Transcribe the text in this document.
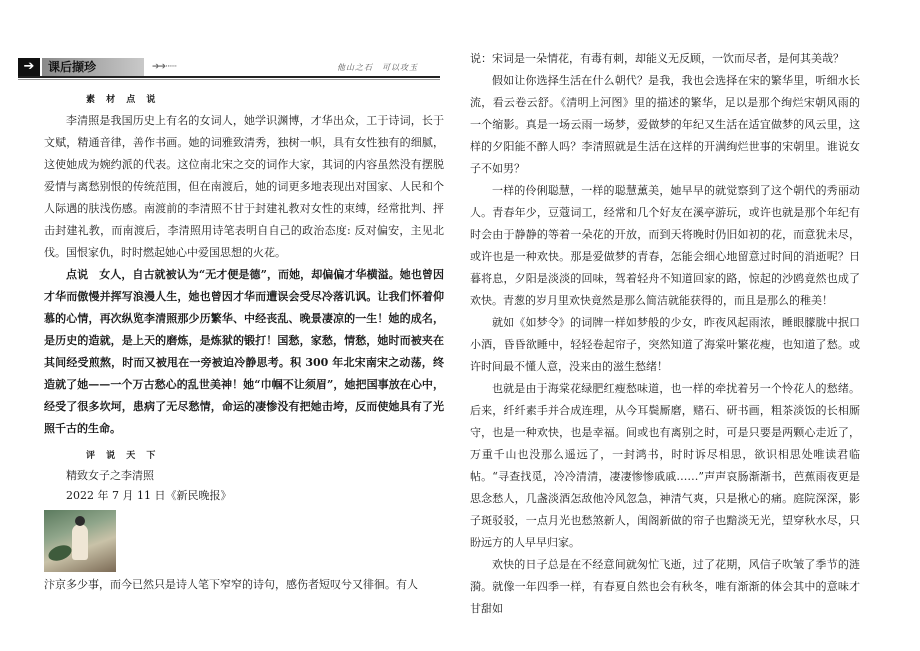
➔	课后撷珍	➔➔······	他山之石　可以攻玉
素 材 点 说

李清照是我国历史上有名的女词人，她学识渊博，才华出众，工于诗词，长于文赋，精通音律，善作书画。她的词雅致清秀，独树一帜，具有女性独有的细腻，这使她成为婉约派的代表。这位南北宋之交的词作大家，其词的内容虽然没有摆脱爱情与离愁别恨的传统范围，但在南渡后，她的词更多地表现出对国家、人民和个人际遇的肤浅伤感。南渡前的李清照不甘于封建礼教对女性的束缚，经常批判、抨击封建礼教，而南渡后，李清照用诗笔表明自自己的政治态度: 反对偏安，主见北伐。国恨家仇，时时燃起她心中爱国思想的火花。

点说　女人，自古就被认为“无才便是德”，而她，却偏偏才华横溢。她也曾因才华而傲慢并挥写浪漫人生，她也曾因才华而遭误会受尽冷落讥讽。让我们怀着仰慕的心情，再次纵览李清照那少历繁华、中经丧乱、晚景凄凉的一生！她的成名，是历史的造就，是上天的磨炼，是炼狱的锻打！国愁，家愁，情愁，她时而被夹在其间经受煎熬，时而又被甩在一旁被迫冷静思考。积 300 年北宋南宋之动荡，终造就了她——一个万古愁心的乱世美神！她“巾帼不让须眉”，她把国事放在心中，经受了很多坎坷，患病了无尽愁情，命运的凄惨没有把她击垮，反而使她具有了光照千古的生命。

评 说 天 下

精致女子之李清照

2022 年 7 月 11 日《新民晚报》

汴京多少事，而今已然只是诗人笔下窄窄的诗句，感伤者短叹兮又徘徊。有人

说：宋词是一朵情花，有毒有刺，却能义无反顾，一饮而尽者，是何其美哉？

假如让你选择生活在什么朝代？是我，我也会选择在宋的繁华里，听细水长流，看云卷云舒。《清明上河图》里的描述的繁华，足以是那个绚烂宋朝风雨的一个缩影。真是一场云雨一场梦，爱做梦的年纪又生活在适宜做梦的风云里，这样的夕阳能不醉人吗？李清照就是生活在这样的开满绚烂世事的宋朝里。谁说女子不如男？

一样的伶俐聪慧，一样的聪慧薰美，她早早的就觉察到了这个朝代的秀丽动人。青春年少，豆蔻词工，经常和几个好友在溪亭游玩，或许也就是那个年纪有时会由于静静的等着一朵花的开放，而到天将晚时仍旧如初的花，而意犹未尽，或许也是一种欢快。那是爱做梦的青春，怎能会细心地留意过时间的消逝呢？日暮将息，夕阳是淡淡的回味，驾着轻舟不知道回家的路，惊起的沙鸥竟然也成了欢快。青葱的岁月里欢快竟然是那么简洁就能获得的，而且是那么的稚美！

就如《如梦令》的词牌一样如梦般的少女，昨夜风起雨浓，睡眼朦胧中抿口小酒，昏昏欲睡中，轻轻卷起帘子，突然知道了海棠叶繁花瘦，也知道了愁。或许时间最不懂人意，没来由的滋生愁绪！

也就是由于海棠花绿肥红瘦愁味道，也一样的牵扰着另一个怜花人的愁绪。后来，纤纤素手并合成连理，从今耳鬓厮磨，赌石、研书画，粗茶淡饭的长相厮守，也是一种欢快，也是幸福。间或也有离别之时，可是只要是两颗心走近了，万重千山也没那么遥远了，一封鸿书，时时诉尽相思，欲识相思处唯读君临帖。“寻查找觅，冷冷清清，凄凄惨惨戚戚……”声声哀肠渐渐书，芭蕉雨夜更是思念愁人，几盏淡酒怎敌他冷风忽急，神清气爽，只是揪心的痛。庭院深深，影子斑驳驳，一点月光也愁煞新人，闺阁新做的帘子也黯淡无光，望穿秋水尽，只盼远方的人早早归家。

欢快的日子总是在不经意间就匆忙飞逝，过了花期，风信子吹皱了季节的涟漪。就像一年四季一样，有春夏自然也会有秋冬，唯有渐渐的体会其中的意味才甘甜如
